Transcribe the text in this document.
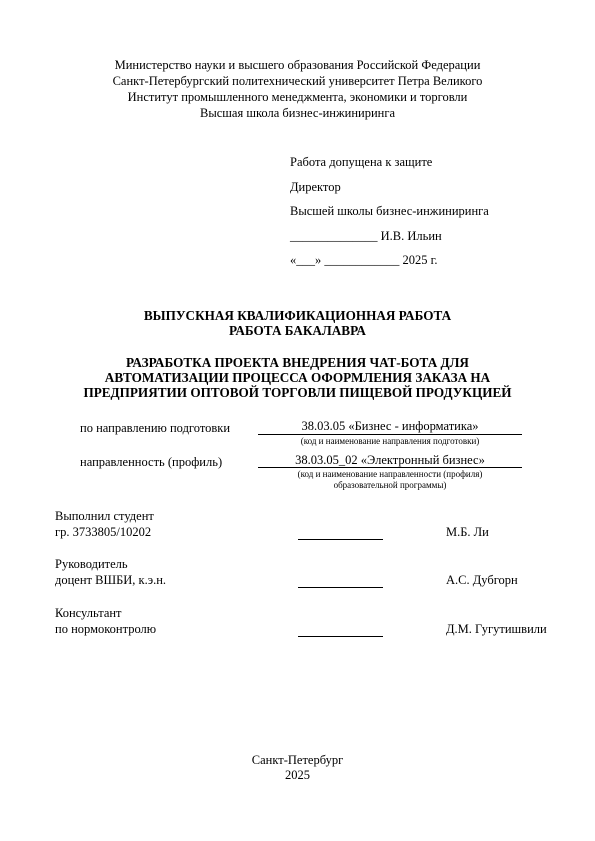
Министерство науки и высшего образования Российской Федерации
Санкт-Петербургский политехнический университет Петра Великого
Институт промышленного менеджмента, экономики и торговли
Высшая школа бизнес-инжиниринга
Работа допущена к защите
Директор
Высшей школы бизнес-инжиниринга
______________ И.В. Ильин
«___» ____________ 2025 г.
ВЫПУСКНАЯ КВАЛИФИКАЦИОННАЯ РАБОТА
РАБОТА БАКАЛАВРА
РАЗРАБОТКА ПРОЕКТА ВНЕДРЕНИЯ ЧАТ-БОТА ДЛЯ
АВТОМАТИЗАЦИИ ПРОЦЕССА ОФОРМЛЕНИЯ ЗАКАЗА НА
ПРЕДПРИЯТИИ ОПТОВОЙ ТОРГОВЛИ ПИЩЕВОЙ ПРОДУКЦИЕЙ
по направлению подготовки	38.03.05 «Бизнес - информатика»
(код и наименование направления подготовки)
направленность (профиль)	38.03.05_02 «Электронный бизнес»
(код и наименование направленности (профиля)
образовательной программы)
Выполнил студент
гр. 3733805/10202	М.Б. Ли
Руководитель
доцент ВШБИ, к.э.н.	А.С. Дубгорн
Консультант
по нормоконтролю	Д.М. Гугутишвили
Санкт-Петербург
2025
